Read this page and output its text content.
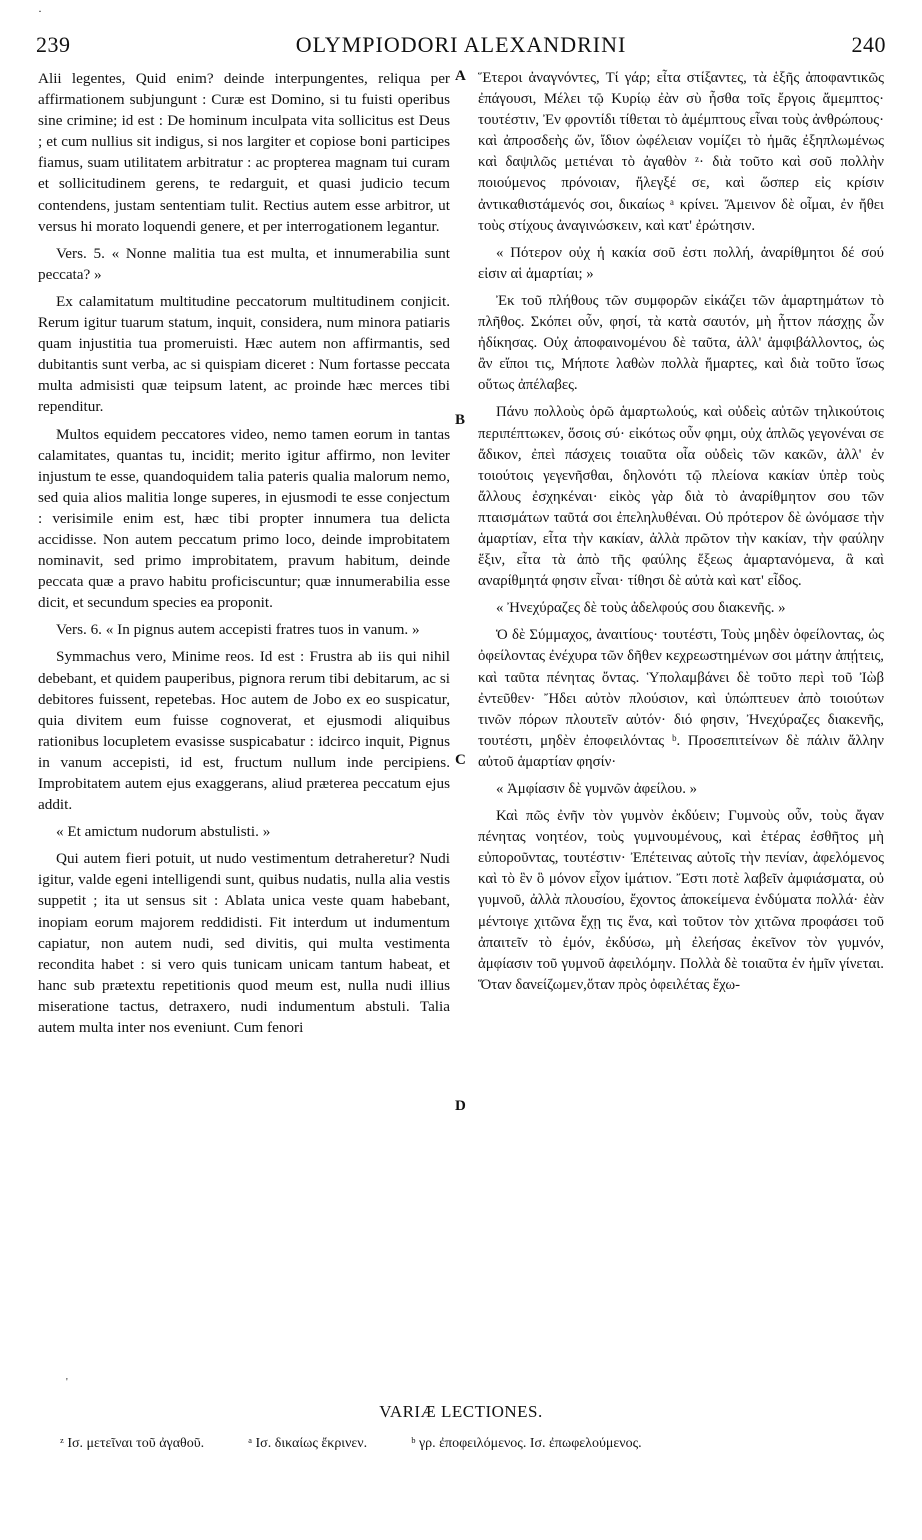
·
239	OLYMPIODORI ALEXANDRINI	240

Alii legentes, Quid enim? deinde interpungentes, reliqua per affirmationem subjungunt : Curæ est Domino, si tu fuisti operibus sine crimine; id est : De hominum inculpata vita sollicitus est Deus ; et cum nullius sit indigus, si nos largiter et copiose boni participes fiamus, suam utilitatem arbitratur : ac propterea magnam tui curam et sollicitudinem gerens, te redarguit, et quasi judicio tecum contendens, justam sententiam tulit. Rectius autem esse arbitror, ut versus hi morato loquendi genere, et per interrogationem legantur.

Vers. 5. « Nonne malitia tua est multa, et innumerabilia sunt peccata? »

Ex calamitatum multitudine peccatorum multitudinem conjicit. Rerum igitur tuarum statum, inquit, considera, num minora patiaris quam injustitia tua promeruisti. Hæc autem non affirmantis, sed dubitantis sunt verba, ac si quispiam diceret : Num fortasse peccata multa admisisti quæ teipsum latent, ac proinde hæc merces tibi rependitur.

Multos equidem peccatores video, nemo tamen eorum in tantas calamitates, quantas tu, incidit; merito igitur affirmo, non leviter injustum te esse, quandoquidem talia pateris qualia malorum nemo, sed quia alios malitia longe superes, in ejusmodi te esse conjectum : verisimile enim est, hæc tibi propter innumera tua delicta accidisse. Non autem peccatum primo loco, deinde improbitatem nominavit, sed primo improbitatem, pravum habitum, deinde peccata quæ a pravo habitu proficiscuntur; quæ innumerabilia esse dicit, et secundum species ea proponit.

Vers. 6. « In pignus autem accepisti fratres tuos in vanum. »

Symmachus vero, Minime reos. Id est : Frustra ab iis qui nihil debebant, et quidem pauperibus, pignora rerum tibi debitarum, ac si debitores fuissent, repetebas. Hoc autem de Jobo ex eo suspicatur, quia divitem eum fuisse cognoverat, et ejusmodi aliquibus rationibus locupletem evasisse suspicabatur : idcirco inquit, Pignus in vanum accepisti, id est, fructum nullum inde percipiens. Improbitatem autem ejus exaggerans, aliud præterea peccatum ejus addit.

« Et amictum nudorum abstulisti. »

Qui autem fieri potuit, ut nudo vestimentum detraheretur? Nudi igitur, valde egeni intelligendi sunt, quibus nudatis, nulla alia vestis suppetit ; ita ut sensus sit : Ablata unica veste quam habebant, inopiam eorum majorem reddidisti. Fit interdum ut indumentum capiatur, non autem nudi, sed divitis, qui multa vestimenta recondita habet : si vero quis tunicam unicam tantum habeat, et hanc sub prætextu repetitionis quod meum est, nulla nudi illius miseratione tactus, detraxero, nudi indumentum abstuli. Talia autem multa inter nos eveniunt. Cum fenori

A
B
C
D

Ἕτεροι ἀναγνόντες, Τί γάρ; εἶτα στίξαντες, τὰ ἑξῆς ἀποφαντικῶς ἐπάγουσι, Μέλει τῷ Κυρίῳ ἐὰν σὺ ἦσθα τοῖς ἔργοις ἄμεμπτος· τουτέστιν, Ἐν φροντίδι τίθεται τὸ ἀμέμπτους εἶναι τοὺς ἀνθρώπους· καὶ ἀπροσδεὴς ὤν, ἴδιον ὠφέλειαν νομίζει τὸ ἡμᾶς ἐξηπλωμένως καὶ δαψιλῶς μετιέναι τὸ ἀγαθὸν ᶻ· διὰ τοῦτο καὶ σοῦ πολλὴν ποιούμενος πρόνοιαν, ἤλεγξέ σε, καὶ ὥσπερ εἰς κρίσιν ἀντικαθιστάμενός σοι, δικαίως ᵃ κρίνει. Ἄμεινον δὲ οἶμαι, ἐν ἤθει τοὺς στίχους ἀναγινώσκειν, καὶ κατ' ἐρώτησιν.

« Πότερον οὐχ ἡ κακία σοῦ ἐστι πολλή, ἀναρίθμητοι δέ σού εἰσιν αἱ ἁμαρτίαι; »

Ἐκ τοῦ πλήθους τῶν συμφορῶν εἰκάζει τῶν ἁμαρτημάτων τὸ πλῆθος. Σκόπει οὖν, φησί, τὰ κατὰ σαυτόν, μὴ ἧττον πάσχῃς ὧν ἠδίκησας. Οὐχ ἀποφαινομένου δὲ ταῦτα, ἀλλ' ἀμφιβάλλοντος, ὡς ἂν εἴποι τις, Μήποτε λαθὼν πολλὰ ἥμαρτες, καὶ διὰ τοῦτο ἴσως οὕτως ἀπέλαβες.

Πάνυ πολλοὺς ὁρῶ ἁμαρτωλούς, καὶ οὐδεὶς αὐτῶν τηλικούτοις περιπέπτωκεν, ὅσοις σύ· εἰκότως οὖν φημι, οὐχ ἁπλῶς γεγονέναι σε ἄδικον, ἐπεὶ πάσχεις τοιαῦτα οἷα οὐδεὶς τῶν κακῶν, ἀλλ' ἐν τοιούτοις γεγενῆσθαι, δηλονότι τῷ πλείονα κακίαν ὑπὲρ τοὺς ἄλλους ἐσχηκέναι· εἰκὸς γὰρ διὰ τὸ ἀναρίθμητον σου τῶν πταισμάτων ταῦτά σοι ἐπεληλυθέναι. Οὐ πρότερον δὲ ὠνόμασε τὴν ἁμαρτίαν, εἶτα τὴν κακίαν, ἀλλὰ πρῶτον τὴν κακίαν, τὴν φαύλην ἕξιν, εἶτα τὰ ἀπὸ τῆς φαύλης ἕξεως ἁμαρτανόμενα, ἃ καὶ αναρίθμητά φησιν εἶναι· τίθησι δὲ αὐτὰ καὶ κατ' εἶδος.

« Ἠνεχύραζες δὲ τοὺς ἀδελφούς σου διακενῆς. »

Ὁ δὲ Σύμμαχος, ἀναιτίους· τουτέστι, Τοὺς μηδὲν ὀφείλοντας, ὡς ὀφείλοντας ἐνέχυρα τῶν δῆθεν κεχρεωστημένων σοι μάτην ἀπῄτεις, καὶ ταῦτα πένητας ὄντας. Ὑπολαμβάνει δὲ τοῦτο περὶ τοῦ Ἰὼβ ἐντεῦθεν· Ἤδει αὐτὸν πλούσιον, καὶ ὑπώπτευεν ἀπὸ τοιούτων τινῶν πόρων πλουτεῖν αὐτόν· διό φησιν, Ἠνεχύραζες διακενῆς, τουτέστι, μηδὲν ἐποφειλόντας ᵇ. Προσεπιτείνων δὲ πάλιν ἄλλην αὐτοῦ ἁμαρτίαν φησίν·

« Ἀμφίασιν δὲ γυμνῶν ἀφείλου. »

Καὶ πῶς ἐνῆν τὸν γυμνὸν ἐκδύειν; Γυμνοὺς οὖν, τοὺς ἄγαν πένητας νοητέον, τοὺς γυμνουμένους, καὶ ἑτέρας ἐσθῆτος μὴ εὐποροῦντας, τουτέστιν· Ἐπέτεινας αὐτοῖς τὴν πενίαν, ἀφελόμενος καὶ τὸ ἓν ὃ μόνον εἶχον ἱμάτιον. Ἔστι ποτὲ λαβεῖν ἀμφιάσματα, οὐ γυμνοῦ, ἀλλὰ πλουσίου, ἔχοντος ἀποκείμενα ἐνδύματα πολλά· ἐὰν μέντοιγε χιτῶνα ἔχῃ τις ἕνα, καὶ τοῦτον τὸν χιτῶνα προφάσει τοῦ ἀπαιτεῖν τὸ ἐμόν, ἐκδύσω, μὴ ἐλεήσας ἐκεῖνον τὸν γυμνόν, ἀμφίασιν τοῦ γυμνοῦ ἀφειλόμην. Πολλὰ δὲ τοιαῦτα ἐν ἡμῖν γίνεται. Ὅταν δανείζωμεν,ὅταν πρὸς ὀφειλέτας ἔχω-

'
VARIÆ LECTIONES.
ᶻ Ισ. μετεῖναι τοῦ ἀγαθοῦ.	ᵃ Ισ. δικαίως ἔκρινεν.	ᵇ γρ. ἐποφειλόμενος. Ισ. ἐπωφελούμενος.
